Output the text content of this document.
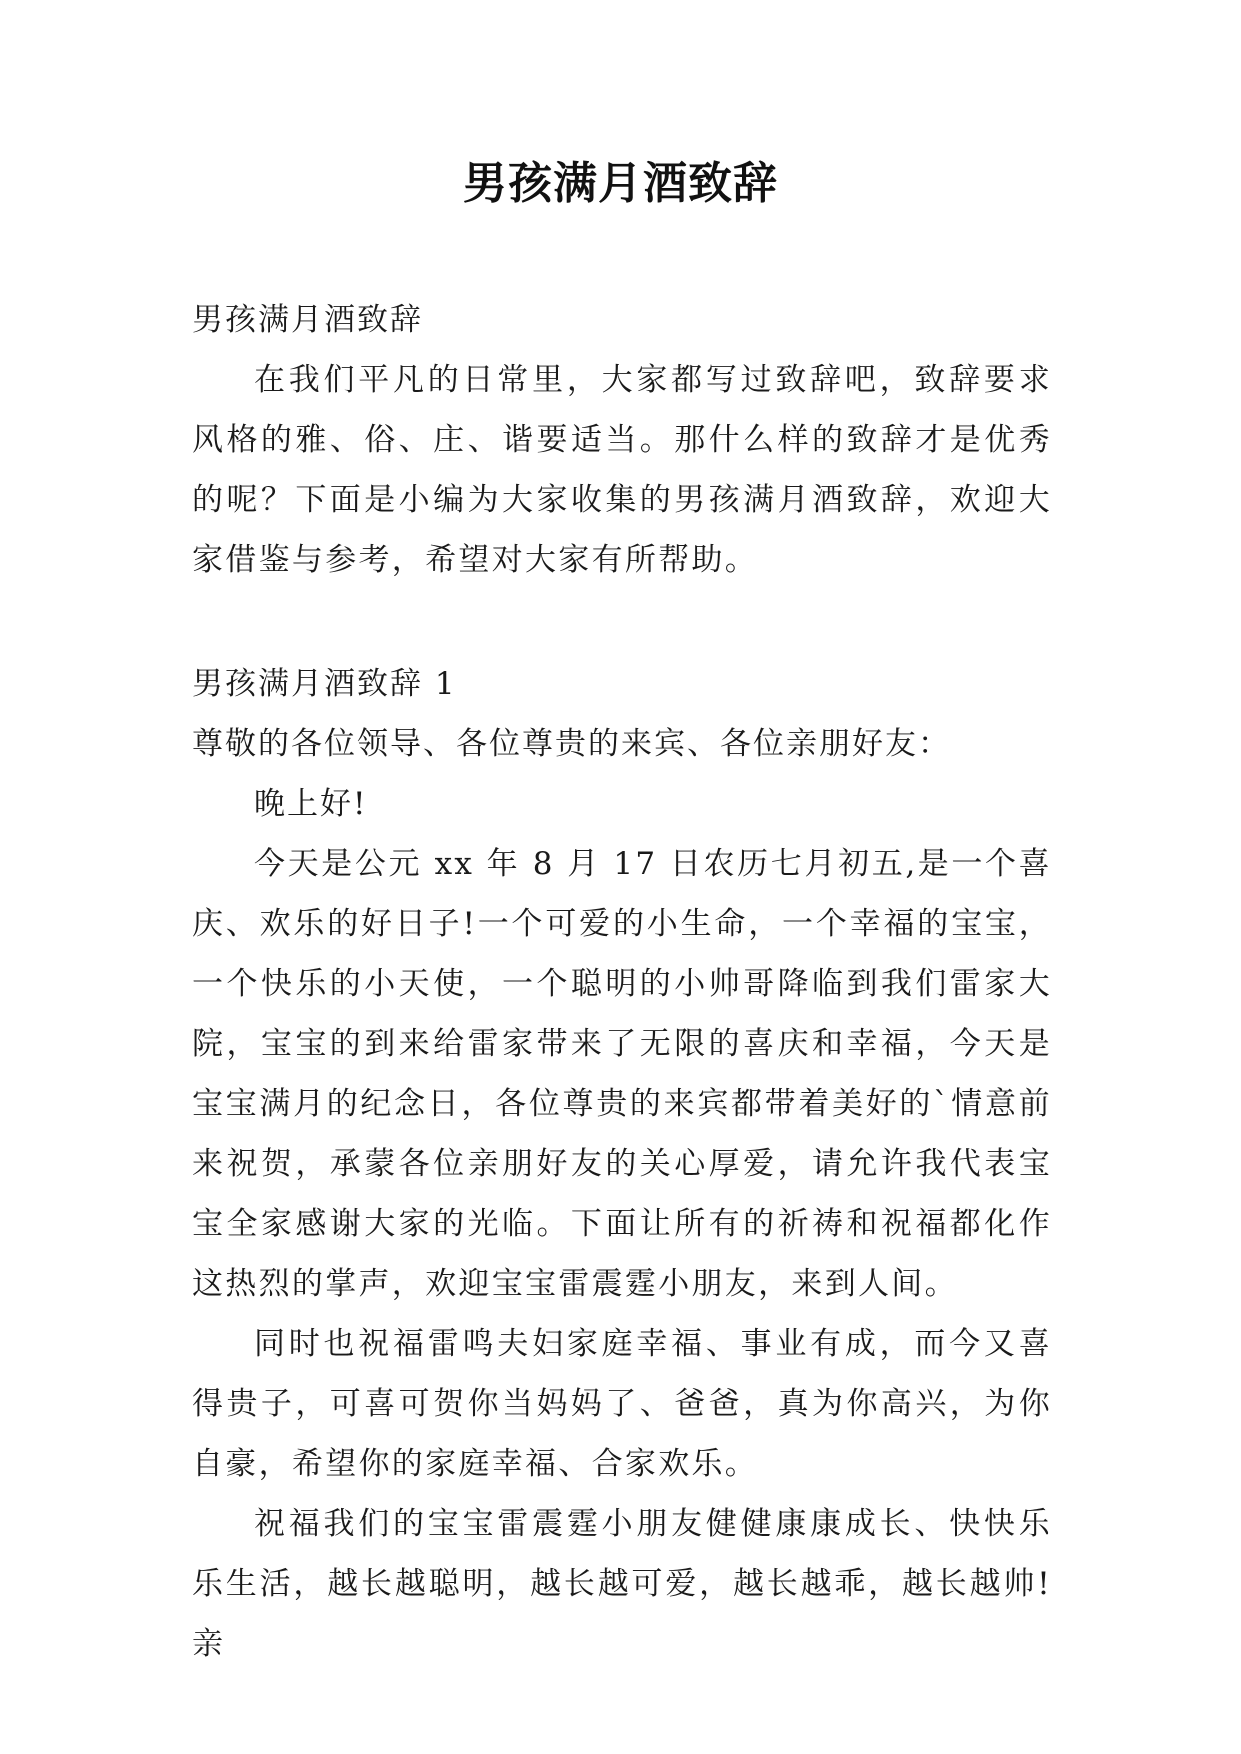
男孩满月酒致辞
男孩满月酒致辞

在我们平凡的日常里，大家都写过致辞吧，致辞要求风格的雅、俗、庄、谐要适当。那什么样的致辞才是优秀的呢？下面是小编为大家收集的男孩满月酒致辞，欢迎大家借鉴与参考，希望对大家有所帮助。

男孩满月酒致辞 1
尊敬的各位领导、各位尊贵的来宾、各位亲朋好友：
晚上好!

今天是公元 xx 年 8 月 17 日农历七月初五,是一个喜庆、欢乐的好日子!一个可爱的小生命，一个幸福的宝宝，一个快乐的小天使，一个聪明的小帅哥降临到我们雷家大院，宝宝的到来给雷家带来了无限的喜庆和幸福，今天是宝宝满月的纪念日，各位尊贵的来宾都带着美好的`情意前来祝贺，承蒙各位亲朋好友的关心厚爱，请允许我代表宝宝全家感谢大家的光临。下面让所有的祈祷和祝福都化作这热烈的掌声，欢迎宝宝雷震霆小朋友，来到人间。

同时也祝福雷鸣夫妇家庭幸福、事业有成，而今又喜得贵子，可喜可贺你当妈妈了、爸爸，真为你高兴，为你自豪，希望你的家庭幸福、合家欢乐。

祝福我们的宝宝雷震霆小朋友健健康康成长、快快乐乐生活，越长越聪明，越长越可爱，越长越乖，越长越帅!亲
